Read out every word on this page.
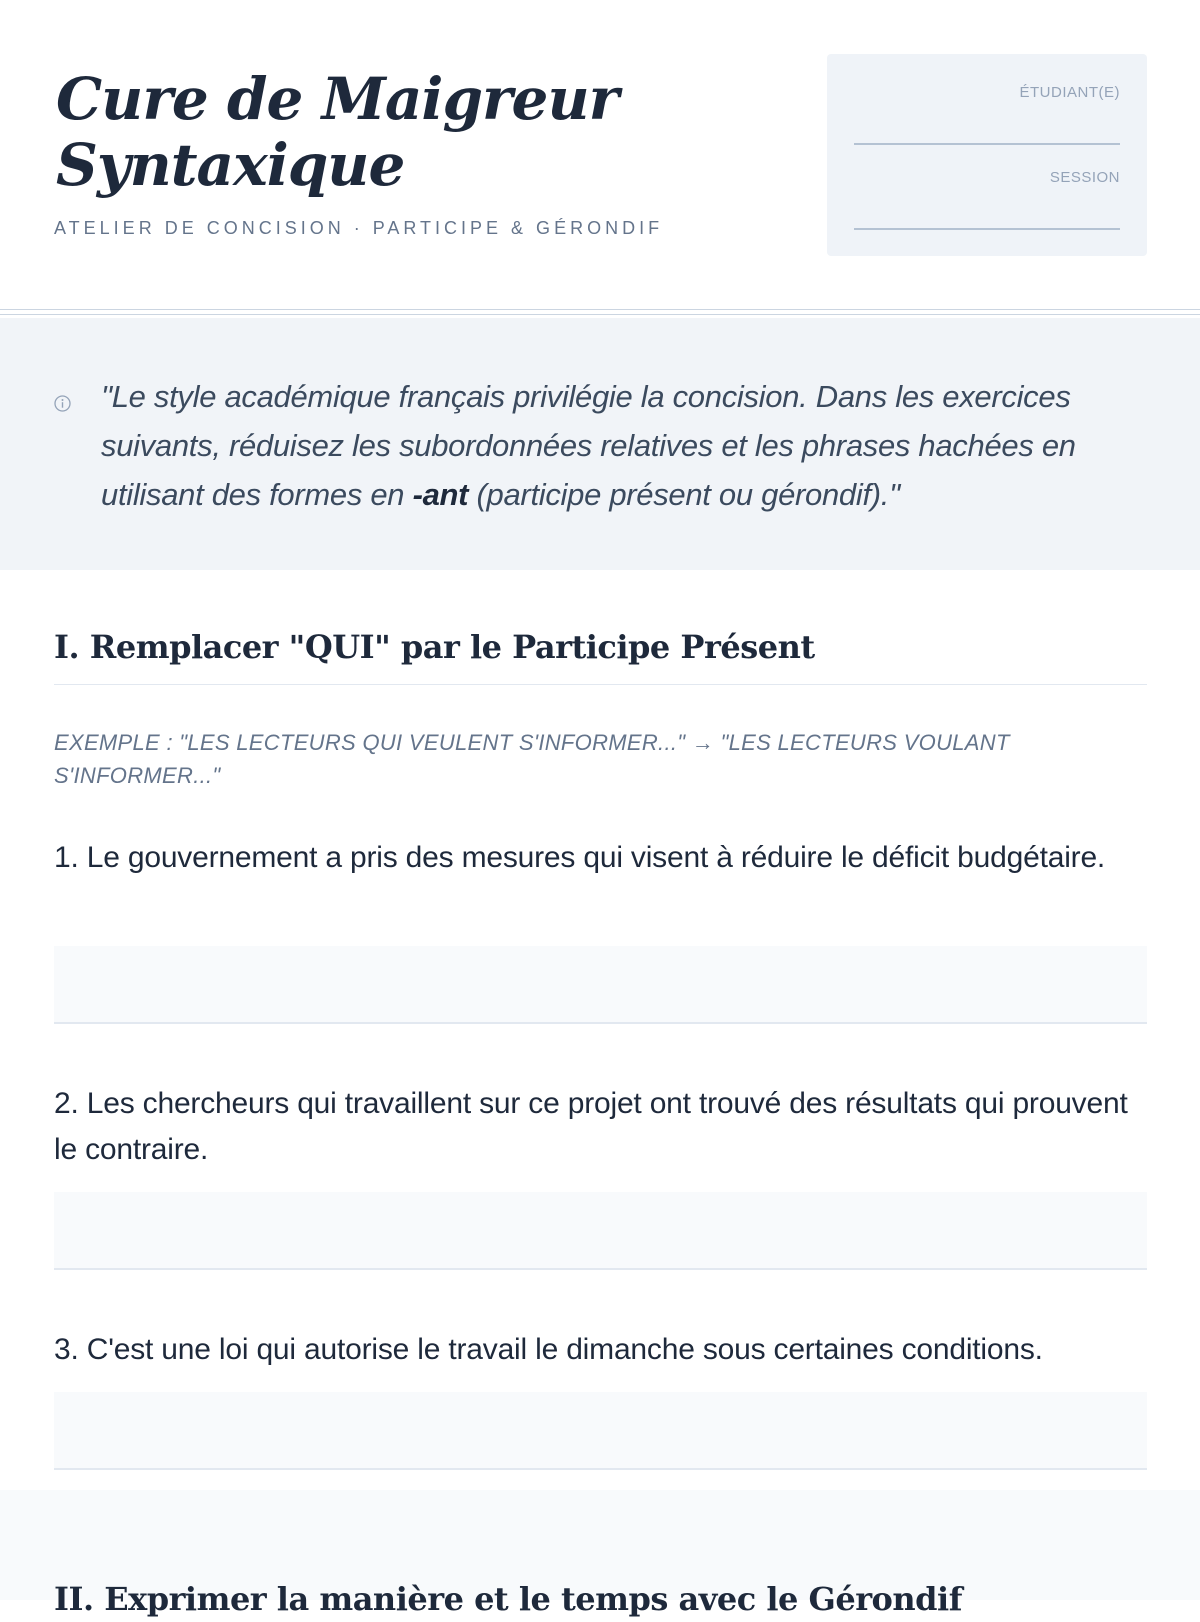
Cure de Maigreur Syntaxique
ATELIER DE CONCISION · PARTICIPE & GÉRONDIF
ÉTUDIANT(E)
SESSION

"Le style académique français privilégie la concision. Dans les exercices suivants, réduisez les subordonnées relatives et les phrases hachées en utilisant des formes en -ant (participe présent ou gérondif)."

I. Remplacer "QUI" par le Participe Présent

EXEMPLE : "LES LECTEURS QUI VEULENT S'INFORMER..." → "LES LECTEURS VOULANT S'INFORMER..."

1. Le gouvernement a pris des mesures qui visent à réduire le déficit budgétaire.

2. Les chercheurs qui travaillent sur ce projet ont trouvé des résultats qui prouvent le contraire.

3. C'est une loi qui autorise le travail le dimanche sous certaines conditions.

II. Exprimer la manière et le temps avec le Gérondif
